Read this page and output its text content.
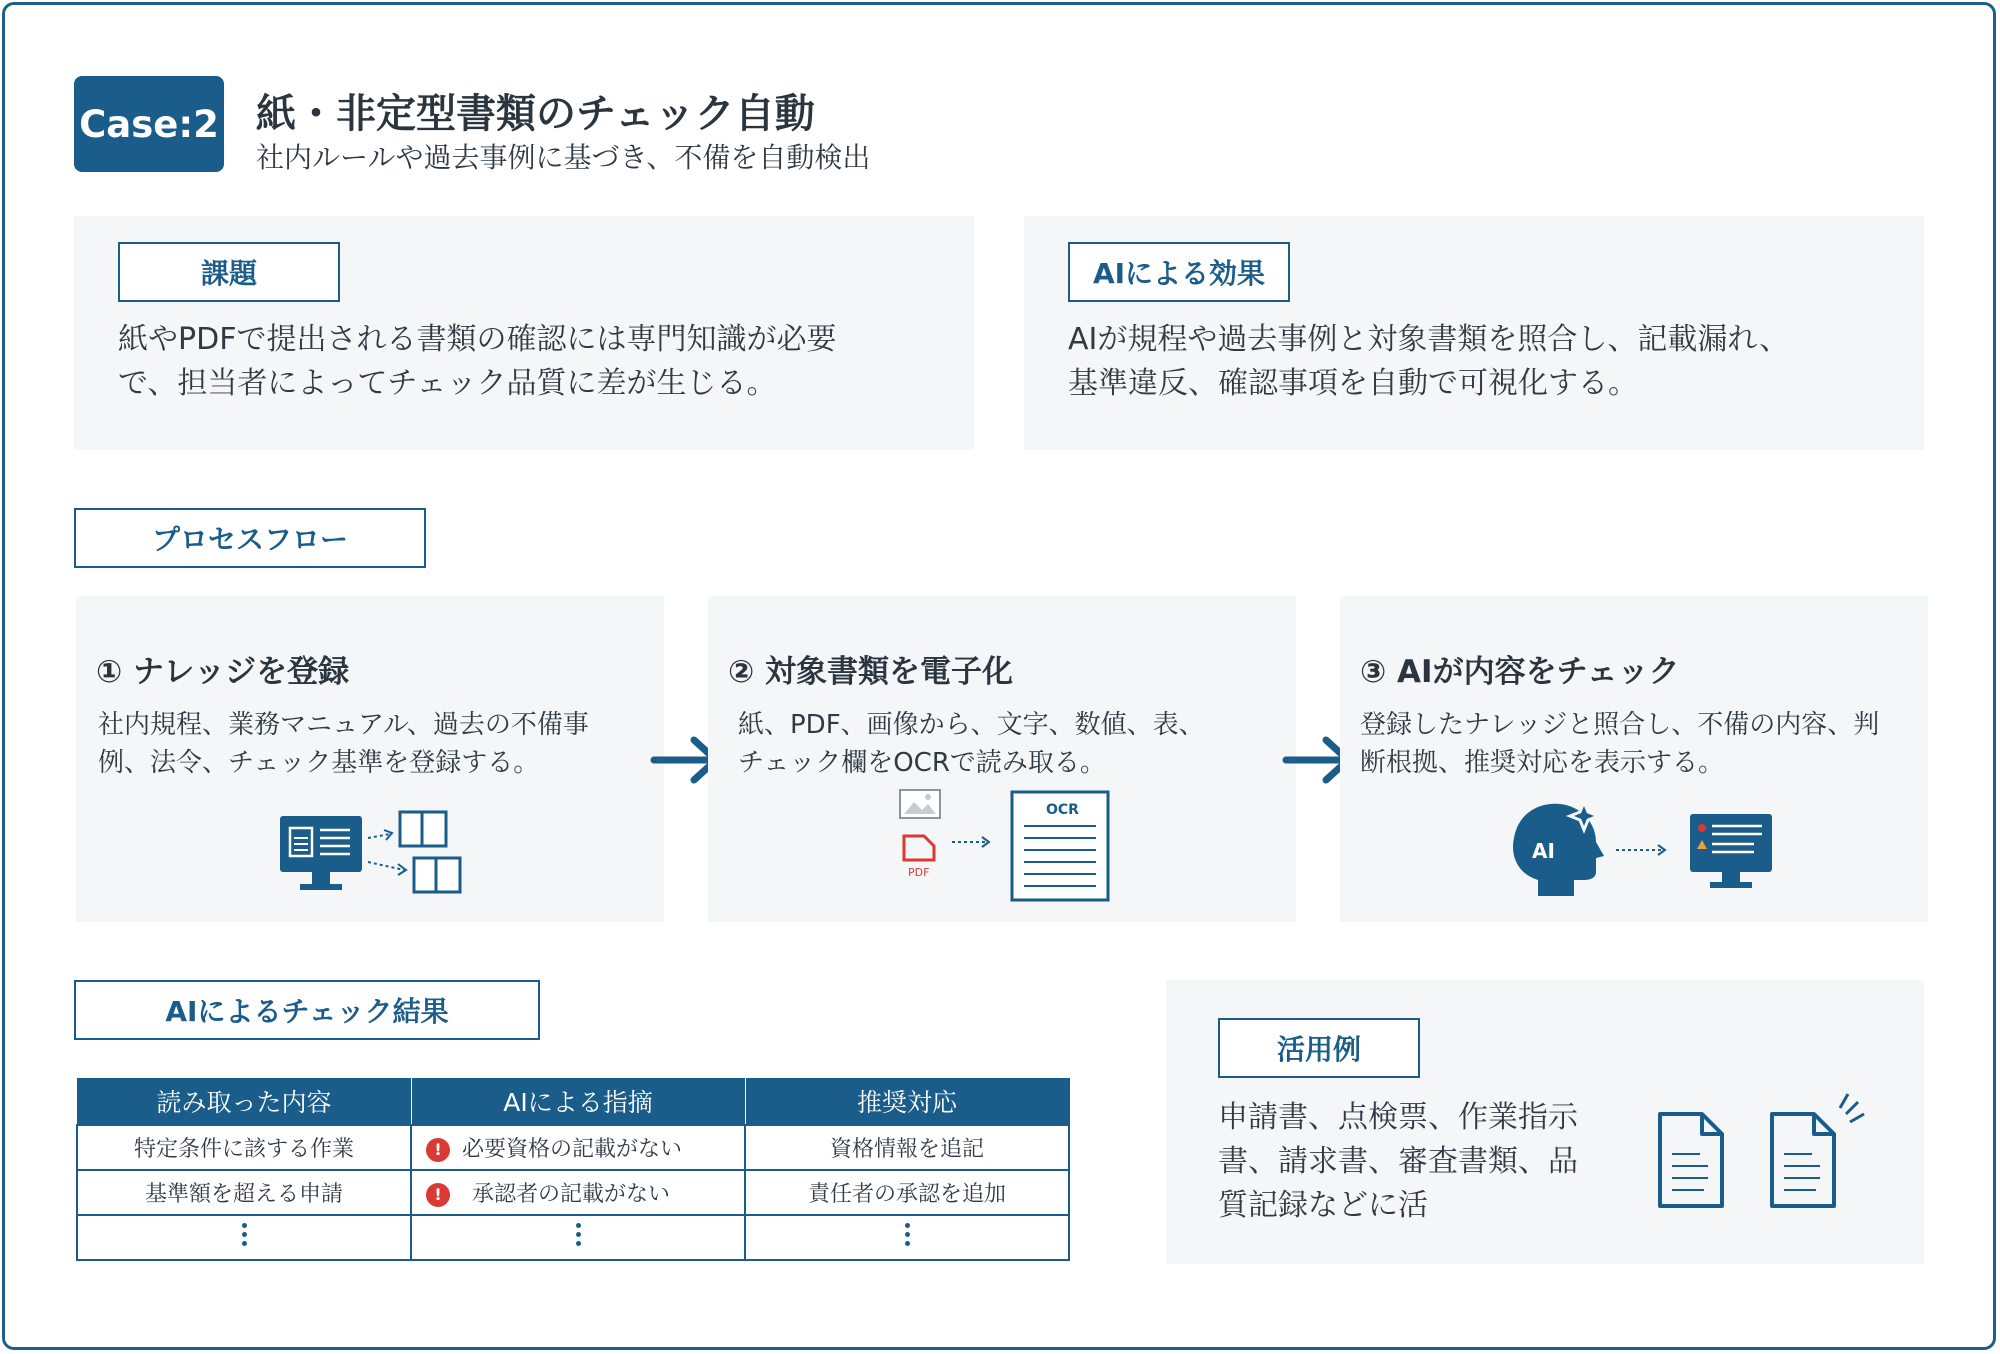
Case:2 紙・非定型書類のチェック自動
社内ルールや過去事例に基づき、不備を自動検出
課題
紙やPDFで提出される書類の確認には専門知識が必要
で、担当者によってチェック品質に差が生じる。
AIによる効果
AIが規程や過去事例と対象書類を照合し、記載漏れ、
基準違反、確認事項を自動で可視化する。
プロセスフロー
① ナレッジを登録
社内規程、業務マニュアル、過去の不備事
例、法令、チェック基準を登録する。
② 対象書類を電子化
紙、PDF、画像から、文字、数値、表、
チェック欄をOCRで読み取る。
PDF
OCR
③ AIが内容をチェック
登録したナレッジと照合し、不備の内容、判
断根拠、推奨対応を表示する。
AI
AIによるチェック結果
読み取った内容	AIによる指摘	推奨対応
特定条件に該する作業	! 必要資格の記載がない	資格情報を追記
基準額を超える申請	! 承認者の記載がない	責任者の承認を追加

活用例
申請書、点検票、作業指示
書、請求書、審査書類、品
質記録などに活
